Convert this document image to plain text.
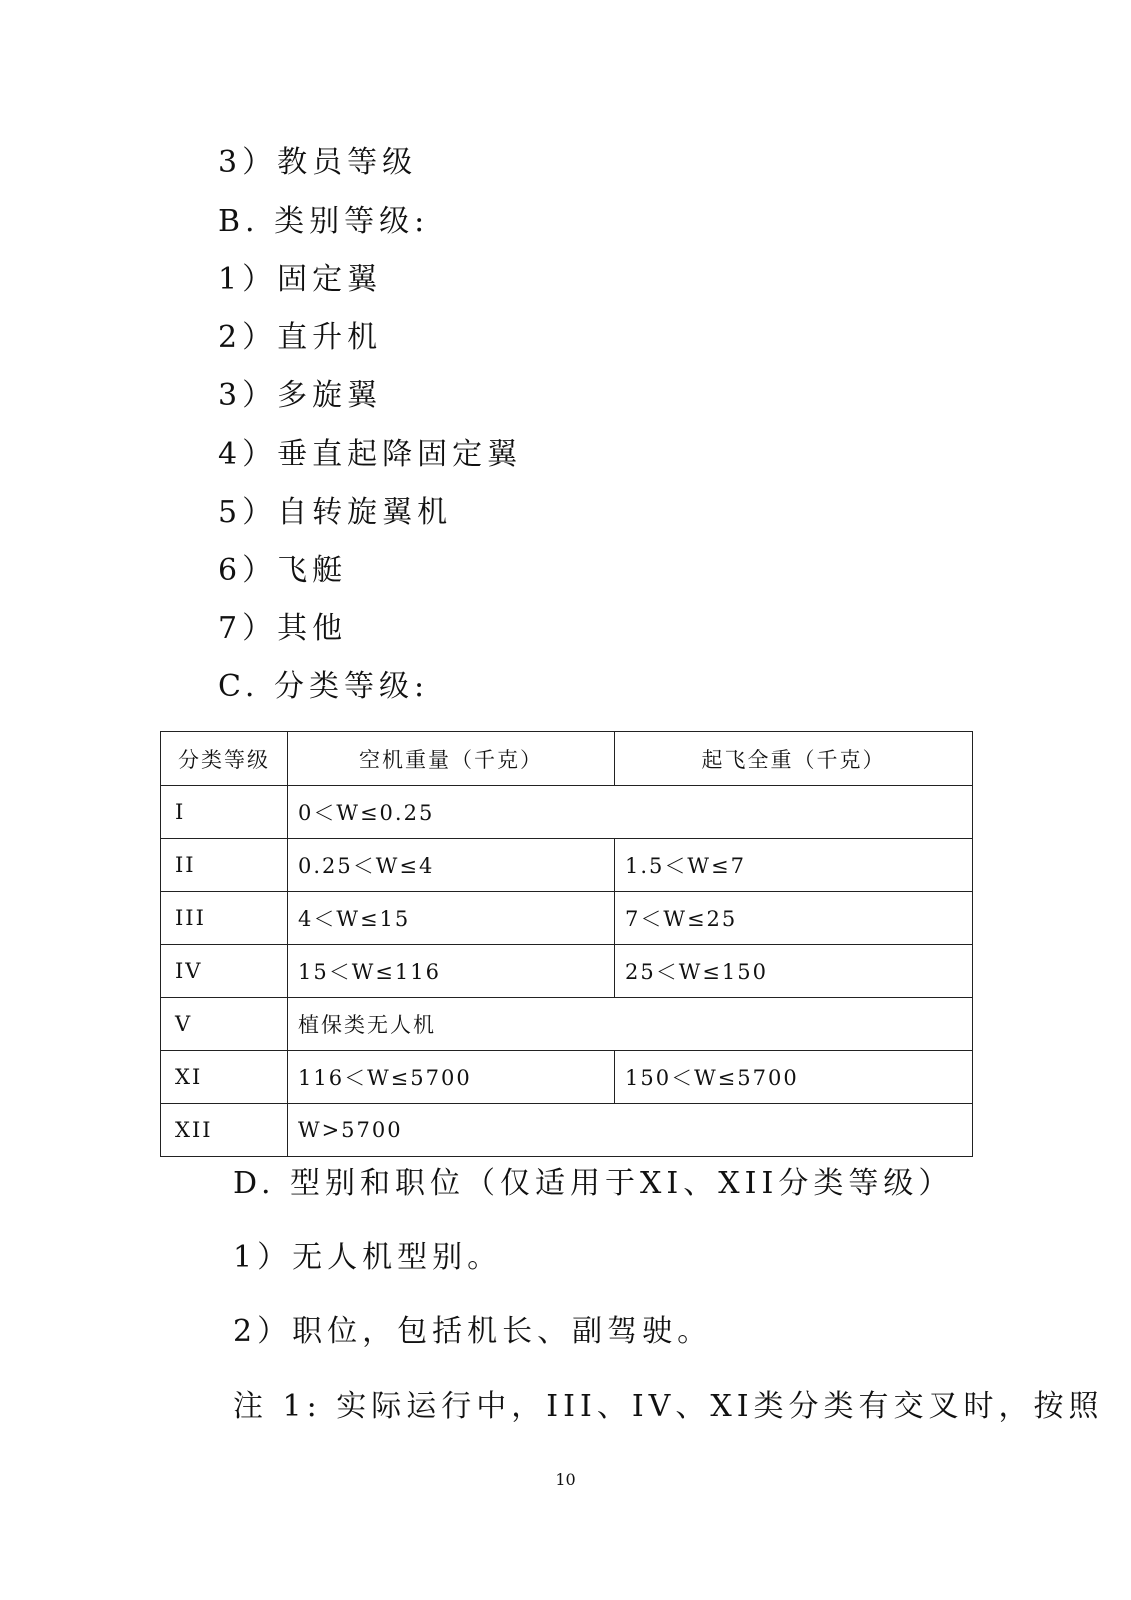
3）教员等级
B. 类别等级:
1）固定翼
2）直升机
3）多旋翼
4）垂直起降固定翼
5）自转旋翼机
6）飞艇
7）其他
C. 分类等级:
分类等级	空机重量（千克）	起飞全重（千克）
I	0＜W≤0.25	
II	0.25＜W≤4	1.5＜W≤7
III	4＜W≤15	7＜W≤25
IV	15＜W≤116	25＜W≤150
V	植保类无人机	
XI	116＜W≤5700	150＜W≤5700
XII	W>5700	
D. 型别和职位（仅适用于XI、XII分类等级）
1）无人机型别。
2）职位，包括机长、副驾驶。
注 1: 实际运行中，III、IV、XI类分类有交叉时，按照
10
